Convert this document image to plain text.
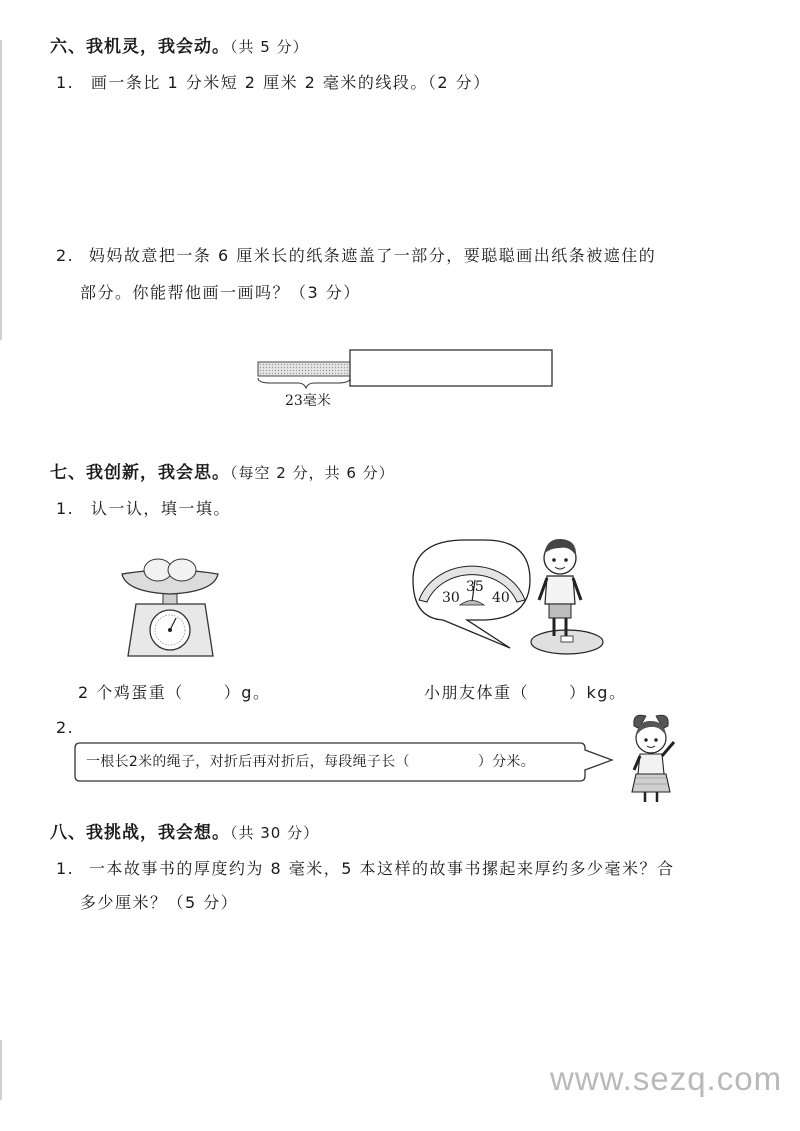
六、我机灵，我会动。（共 5 分）
1. 画一条比 1 分米短 2 厘米 2 毫米的线段。（2 分）
2. 妈妈故意把一条 6 厘米长的纸条遮盖了一部分，要聪聪画出纸条被遮住的
部分。你能帮他画一画吗？（3 分）
23毫米
七、我创新，我会思。（每空 2 分，共 6 分）
1. 认一认，填一填。
30
35
40
2 个鸡蛋重（	）g。	小朋友体重（	）kg。
2.
一根长2米的绳子，对折后再对折后，每段绳子长（	）分米。
八、我挑战，我会想。（共 30 分）
1. 一本故事书的厚度约为 8 毫米，5 本这样的故事书摞起来厚约多少毫米？合
多少厘米？（5 分）
www.sezq.com
